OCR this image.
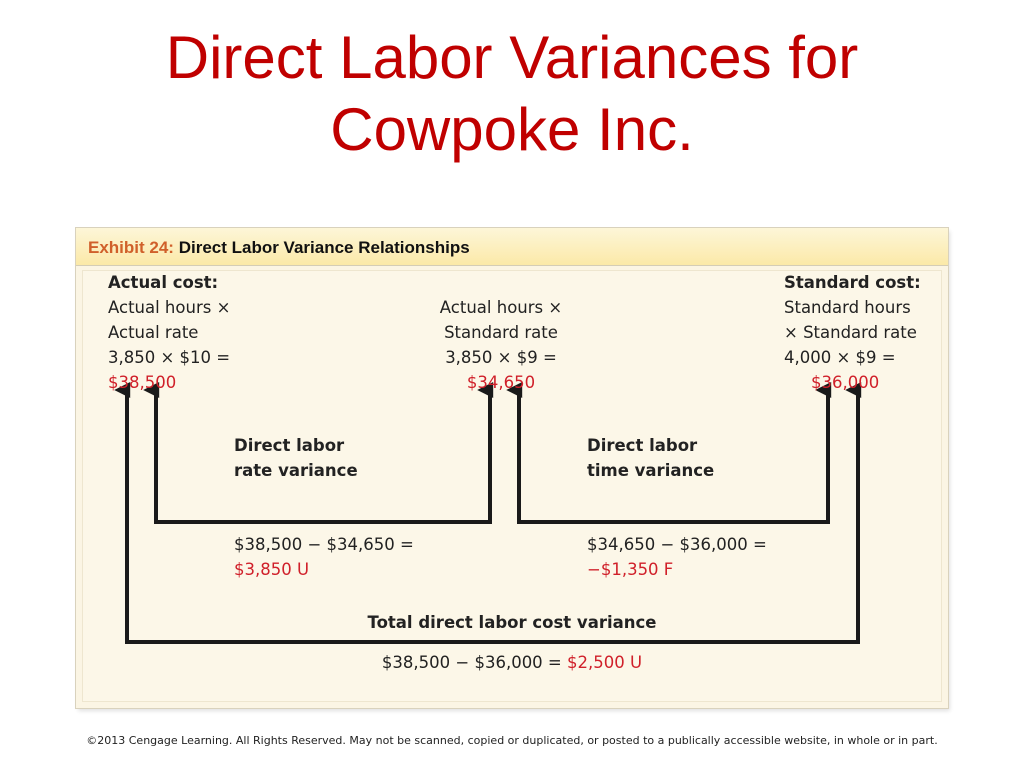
Direct Labor Variances for
Cowpoke Inc.
Exhibit 24: Direct Labor Variance Relationships
Actual cost:
Actual hours ×
Actual rate
3,850 × $10 =
$38,500
Actual hours ×
Standard rate
3,850 × $9 =
$34,650
Standard cost:
Standard hours
× Standard rate
4,000 × $9 =
$36,000
Direct labor
rate variance
$38,500 − $34,650 =
$3,850 U
Direct labor
time variance
$34,650 − $36,000 =
−$1,350 F
Total direct labor cost variance
$38,500 − $36,000 = $2,500 U
©2013 Cengage Learning. All Rights Reserved. May not be scanned, copied or duplicated, or posted to a publically accessible website, in whole or in part.
